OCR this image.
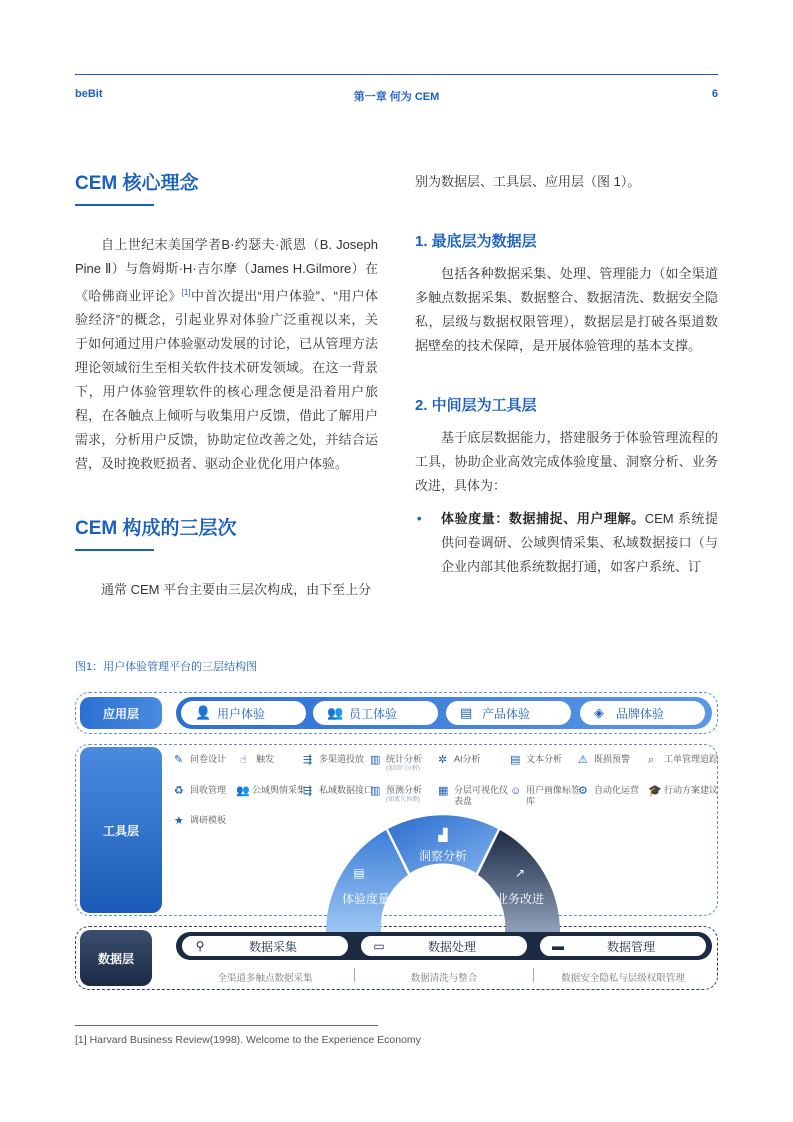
beBit	第一章 何为 CEM	6
CEM 核心理念

自上世纪末美国学者B·约瑟夫·派恩（B. Joseph Pine Ⅱ）与詹姆斯·H·吉尔摩（James H.Gilmore）在《哈佛商业评论》[1]中首次提出“用户体验”、“用户体验经济”的概念，引起业界对体验广泛重视以来，关于如何通过用户体验驱动发展的讨论，已从管理方法理论领域衍生至相关软件技术研发领域。在这一背景下，用户体验管理软件的核心理念便是沿着用户旅程，在各触点上倾听与收集用户反馈，借此了解用户需求，分析用户反馈，协助定位改善之处，并结合运营，及时挽救贬损者、驱动企业优化用户体验。

CEM 构成的三层次

通常 CEM 平台主要由三层次构成，由下至上分

别为数据层、工具层、应用层（图 1）。

1. 最底层为数据层

包括各种数据采集、处理、管理能力（如全渠道多触点数据采集、数据整合、数据清洗、数据安全隐私，层级与数据权限管理），数据层是打破各渠道数据壁垒的技术保障，是开展体验管理的基本支撑。

2. 中间层为工具层

基于底层数据能力，搭建服务于体验管理流程的工具，协助企业高效完成体验度量、洞察分析、业务改进，具体为：

• 体验度量：数据捕捉、用户理解。CEM 系统提供问卷调研、公域舆情采集、私域数据接口（与企业内部其他系统数据打通，如客户系统、订
图1：用户体验管理平台的三层结构图
应用层
工具层
数据层
👤 用户体验	👥 员工体验	▤ 产品体验	◈	品牌体验
✎ 问卷设计 ☝	触发	⇶ 多渠道投放 ▥ 统计分析
(如回归分析)
✲ AI分析	▤ 文本分析 ⚠ 既损预警 ⌕	工单管理追踪
♻ 回收管理 👥 公域舆情采集
⇶ 私域数据接口
▥ 预测分析
(如流失预测)
▦ 分层可视化仪表盘
☺ 用户画像标签库
⚙ 自动化运营 🎓 行动方案建议
★ 调研模板
▤
体验度量
▟
洞察分析
↗
业务改进
⚲	数据采集	▭	数据处理	▬	数据管理
全渠道多触点数据采集	数据清洗与整合	数据安全隐私与层级权限管理
[1] Harvard Business Review(1998). Welcome to the Experience Economy
